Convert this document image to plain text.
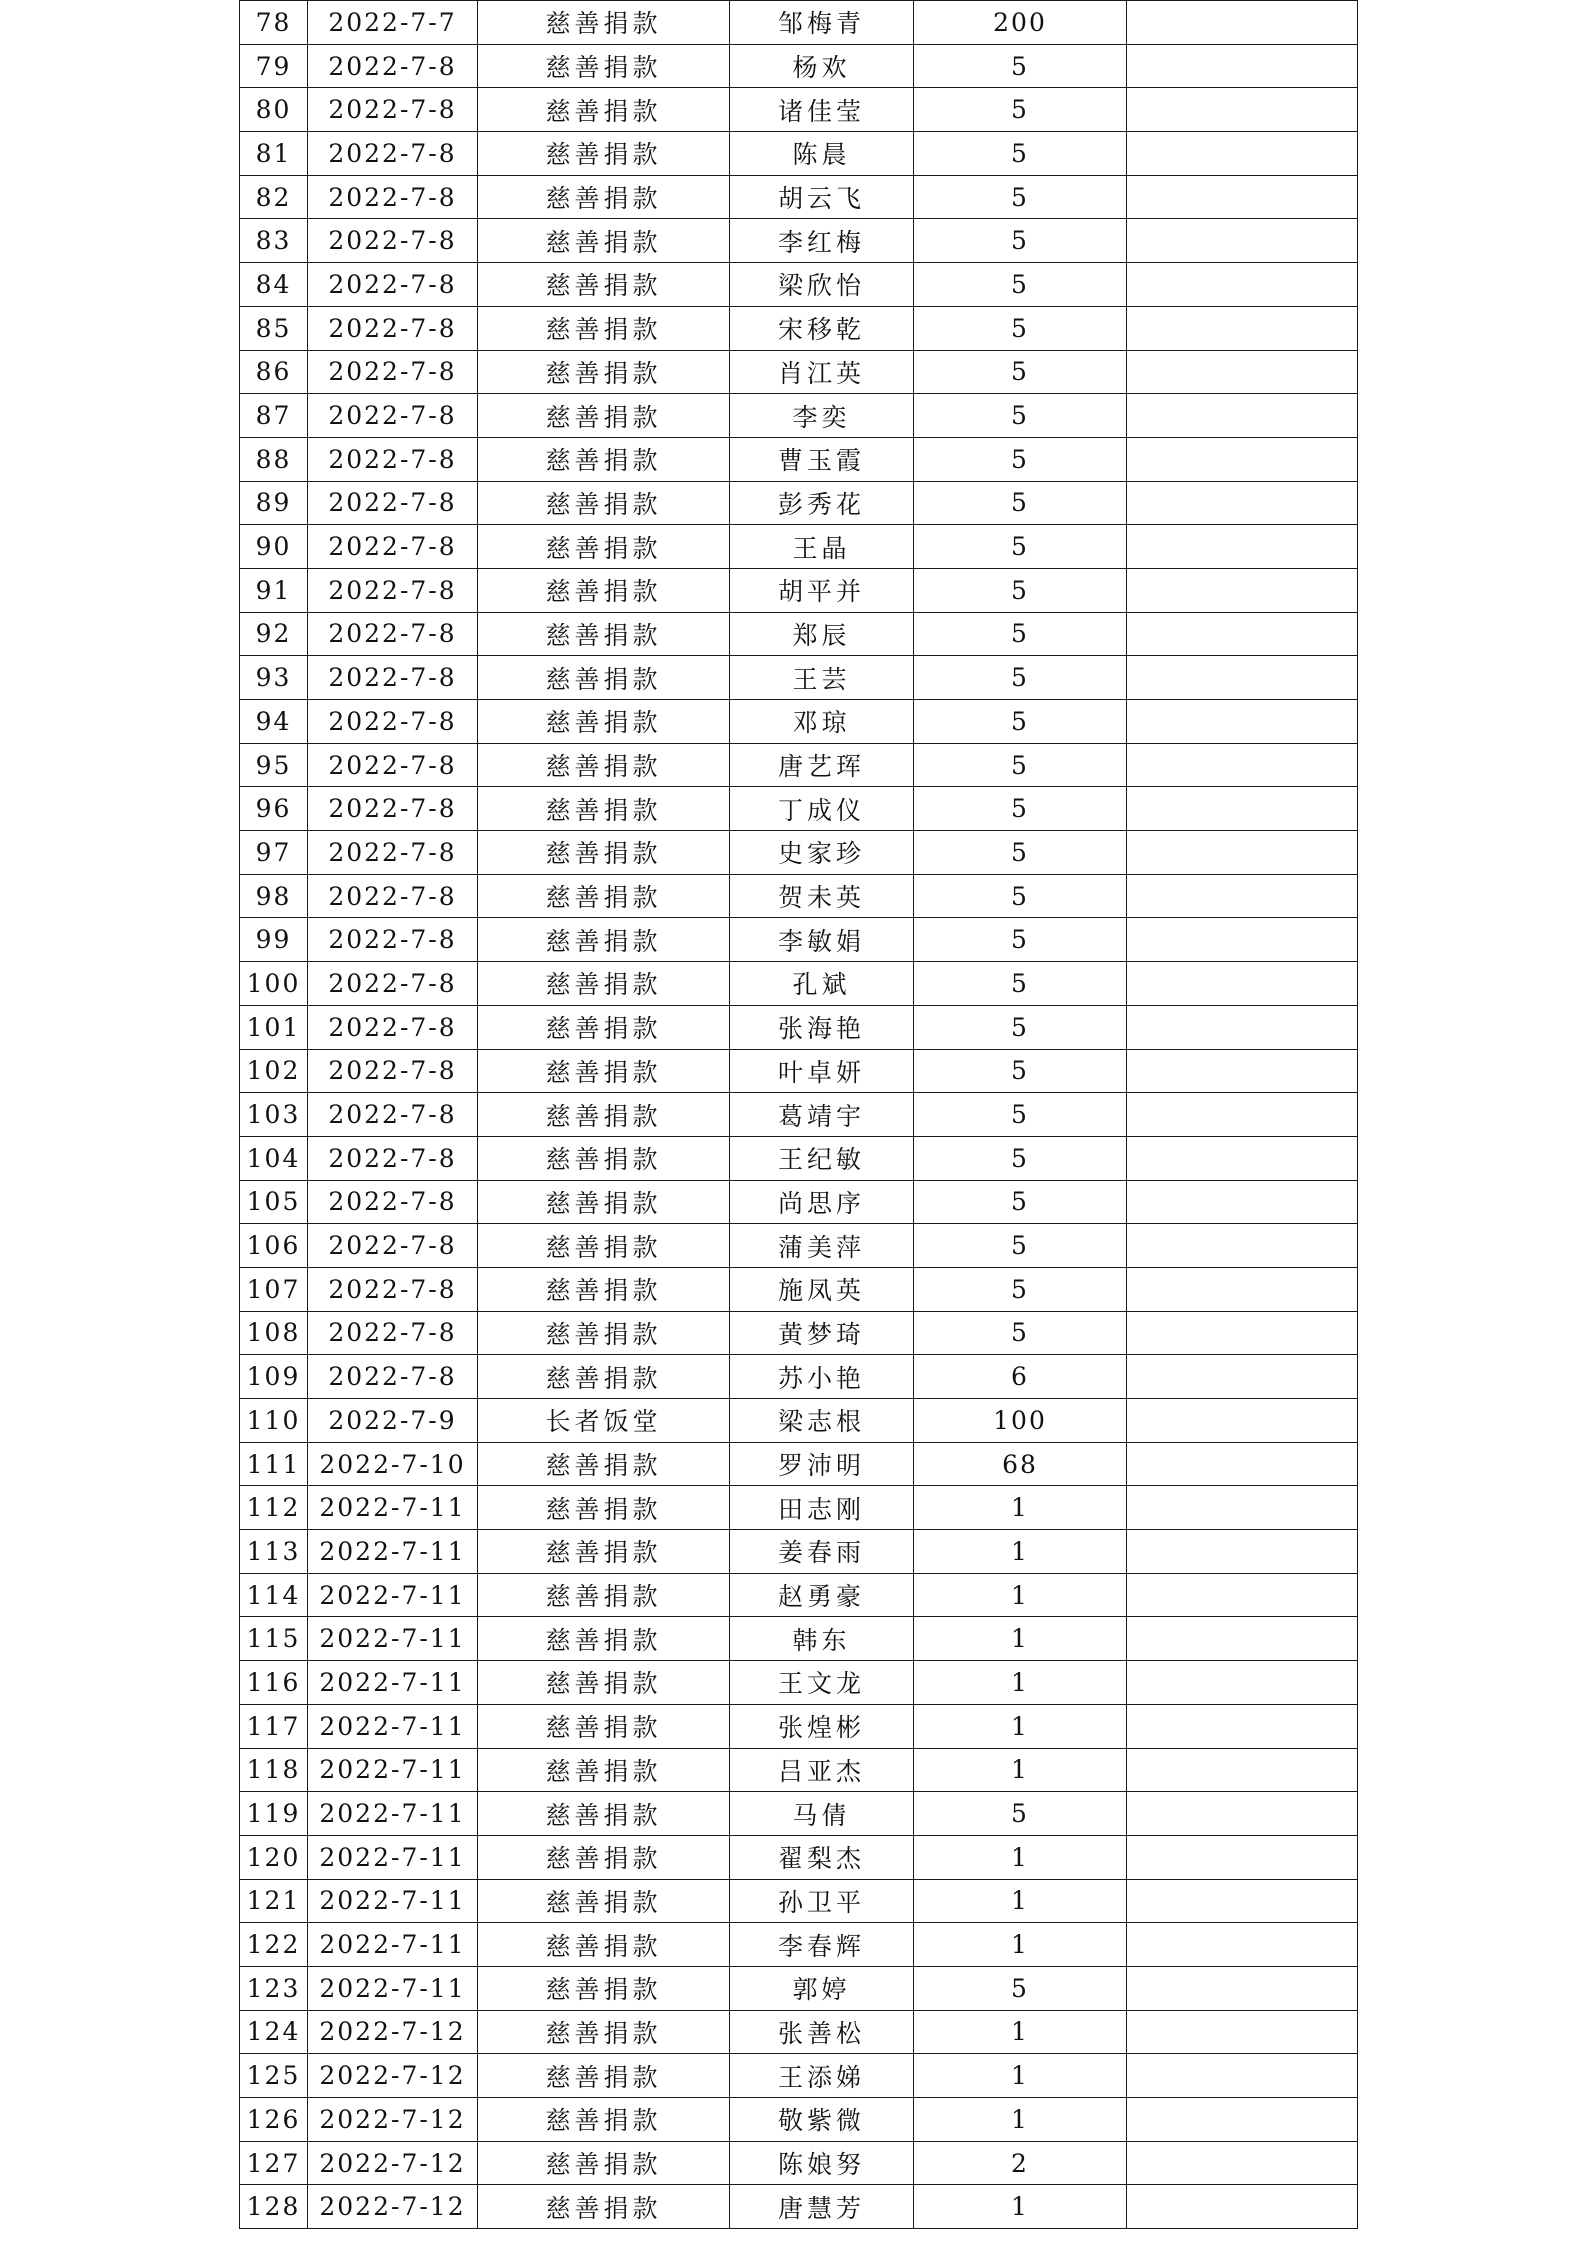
78	2022-7-7	慈善捐款	邹梅青	200	
79	2022-7-8	慈善捐款	杨欢	5	
80	2022-7-8	慈善捐款	诸佳莹	5	
81	2022-7-8	慈善捐款	陈晨	5	
82	2022-7-8	慈善捐款	胡云飞	5	
83	2022-7-8	慈善捐款	李红梅	5	
84	2022-7-8	慈善捐款	梁欣怡	5	
85	2022-7-8	慈善捐款	宋移乾	5	
86	2022-7-8	慈善捐款	肖江英	5	
87	2022-7-8	慈善捐款	李奕	5	
88	2022-7-8	慈善捐款	曹玉霞	5	
89	2022-7-8	慈善捐款	彭秀花	5	
90	2022-7-8	慈善捐款	王晶	5	
91	2022-7-8	慈善捐款	胡平并	5	
92	2022-7-8	慈善捐款	郑辰	5	
93	2022-7-8	慈善捐款	王芸	5	
94	2022-7-8	慈善捐款	邓琼	5	
95	2022-7-8	慈善捐款	唐艺珲	5	
96	2022-7-8	慈善捐款	丁成仪	5	
97	2022-7-8	慈善捐款	史家珍	5	
98	2022-7-8	慈善捐款	贺未英	5	
99	2022-7-8	慈善捐款	李敏娟	5	
100	2022-7-8	慈善捐款	孔斌	5	
101	2022-7-8	慈善捐款	张海艳	5	
102	2022-7-8	慈善捐款	叶卓妍	5	
103	2022-7-8	慈善捐款	葛靖宇	5	
104	2022-7-8	慈善捐款	王纪敏	5	
105	2022-7-8	慈善捐款	尚思序	5	
106	2022-7-8	慈善捐款	蒲美萍	5	
107	2022-7-8	慈善捐款	施凤英	5	
108	2022-7-8	慈善捐款	黄梦琦	5	
109	2022-7-8	慈善捐款	苏小艳	6	
110	2022-7-9	长者饭堂	梁志根	100	
111	2022-7-10	慈善捐款	罗沛明	68	
112	2022-7-11	慈善捐款	田志刚	1	
113	2022-7-11	慈善捐款	姜春雨	1	
114	2022-7-11	慈善捐款	赵勇豪	1	
115	2022-7-11	慈善捐款	韩东	1	
116	2022-7-11	慈善捐款	王文龙	1	
117	2022-7-11	慈善捐款	张煌彬	1	
118	2022-7-11	慈善捐款	吕亚杰	1	
119	2022-7-11	慈善捐款	马倩	5	
120	2022-7-11	慈善捐款	翟梨杰	1	
121	2022-7-11	慈善捐款	孙卫平	1	
122	2022-7-11	慈善捐款	李春辉	1	
123	2022-7-11	慈善捐款	郭婷	5	
124	2022-7-12	慈善捐款	张善松	1	
125	2022-7-12	慈善捐款	王添娣	1	
126	2022-7-12	慈善捐款	敬紫微	1	
127	2022-7-12	慈善捐款	陈娘努	2	
128	2022-7-12	慈善捐款	唐慧芳	1	
